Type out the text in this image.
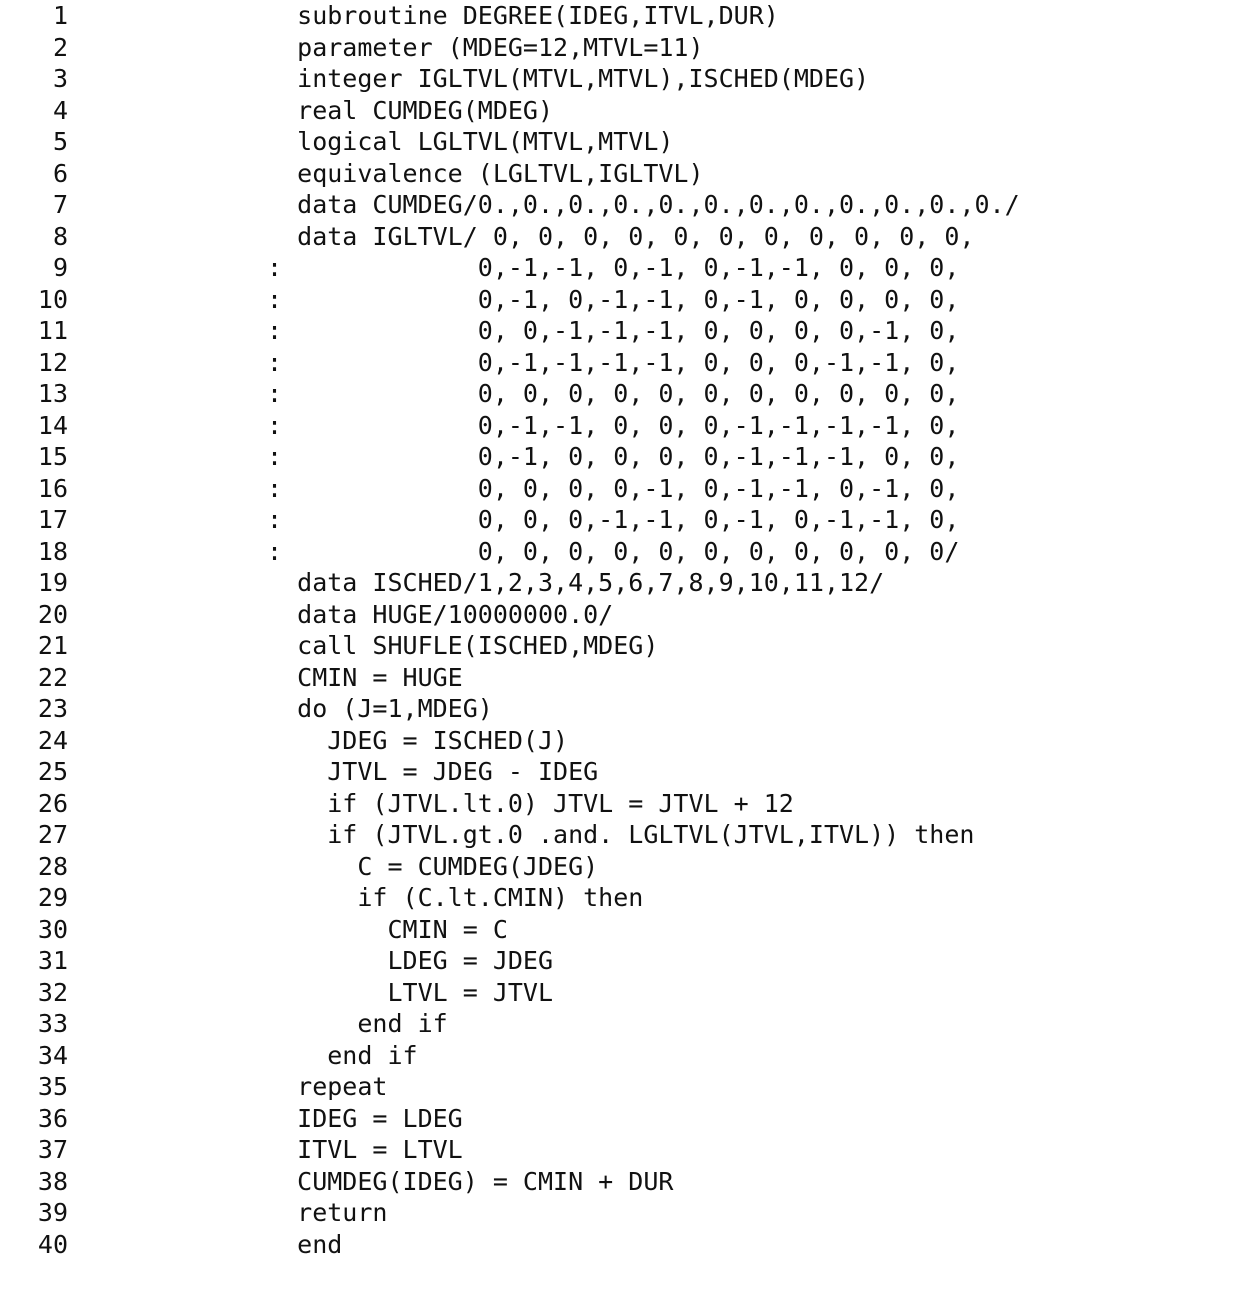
1	subroutine DEGREE(IDEG,ITVL,DUR)
2	parameter (MDEG=12,MTVL=11)
3	integer IGLTVL(MTVL,MTVL),ISCHED(MDEG)
4	real CUMDEG(MDEG)
5	logical LGLTVL(MTVL,MTVL)
6	equivalence (LGLTVL,IGLTVL)
7	data CUMDEG/0.,0.,0.,0.,0.,0.,0.,0.,0.,0.,0.,0./
8	data IGLTVL/ 0, 0, 0, 0, 0, 0, 0, 0, 0, 0, 0,
9	:             0,-1,-1, 0,-1, 0,-1,-1, 0, 0, 0,
10	:             0,-1, 0,-1,-1, 0,-1, 0, 0, 0, 0,
11	:             0, 0,-1,-1,-1, 0, 0, 0, 0,-1, 0,
12	:             0,-1,-1,-1,-1, 0, 0, 0,-1,-1, 0,
13	:             0, 0, 0, 0, 0, 0, 0, 0, 0, 0, 0,
14	:             0,-1,-1, 0, 0, 0,-1,-1,-1,-1, 0,
15	:             0,-1, 0, 0, 0, 0,-1,-1,-1, 0, 0,
16	:             0, 0, 0, 0,-1, 0,-1,-1, 0,-1, 0,
17	:             0, 0, 0,-1,-1, 0,-1, 0,-1,-1, 0,
18	:             0, 0, 0, 0, 0, 0, 0, 0, 0, 0, 0/
19	data ISCHED/1,2,3,4,5,6,7,8,9,10,11,12/
20	data HUGE/10000000.0/
21	call SHUFLE(ISCHED,MDEG)
22	CMIN = HUGE
23	do (J=1,MDEG)
24	JDEG = ISCHED(J)
25	JTVL = JDEG - IDEG
26	if (JTVL.lt.0) JTVL = JTVL + 12
27	if (JTVL.gt.0 .and. LGLTVL(JTVL,ITVL)) then
28	C = CUMDEG(JDEG)
29	if (C.lt.CMIN) then
30	CMIN = C
31	LDEG = JDEG
32	LTVL = JTVL
33	end if
34	end if
35	repeat
36	IDEG = LDEG
37	ITVL = LTVL
38	CUMDEG(IDEG) = CMIN + DUR
39	return
40	end
